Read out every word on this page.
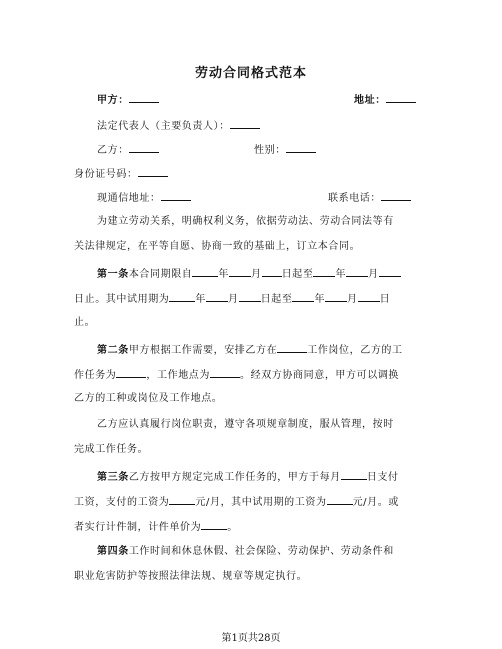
劳动合同格式范本
甲方：	地址：
法定代表人（主要负责人）：
乙方：	性别：
身份证号码：
现通信地址：	联系电话：
为建立劳动关系，明确权利义务，依据劳动法、劳动合同法等有
关法律规定，在平等自愿、协商一致的基础上，订立本合同。
第一条本合同期限自	年 月 日起至 年 月
日止。其中试用期为	年 月 日起至 年 月 日
止。
第二条甲方根据工作需要，安排乙方在	工作岗位，乙方的工
作任务为	，工作地点为	。经双方协商同意，甲方可以调换
乙方的工种或岗位及工作地点。
乙方应认真履行岗位职责，遵守各项规章制度，服从管理，按时
完成工作任务。
第三条乙方按甲方规定完成工作任务的，甲方于每月	日支付
工资，支付的工资为	元/月，其中试用期的工资为	元/月。或
者实行计件制，计件单价为	。
第四条工作时间和休息休假、社会保险、劳动保护、劳动条件和
职业危害防护等按照法律法规、规章等规定执行。
第1页共28页
